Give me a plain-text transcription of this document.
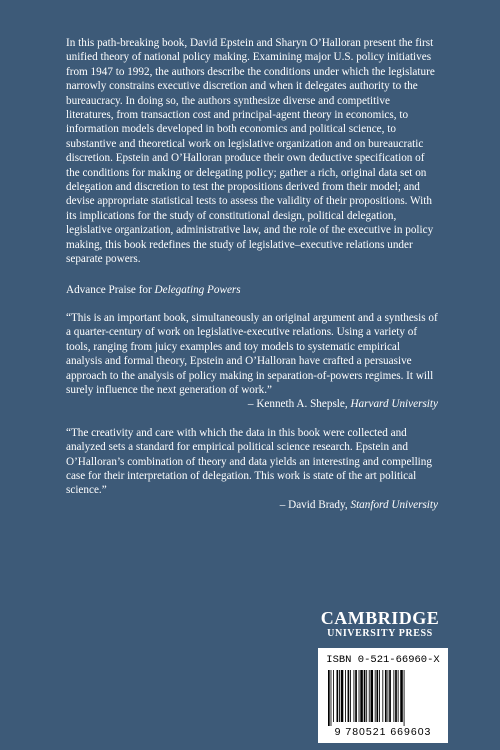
In this path-breaking book, David Epstein and Sharyn O’Halloran present the first unified theory of national policy making. Examining major U.S. policy initiatives from 1947 to 1992, the authors describe the conditions under which the legislature narrowly constrains executive discretion and when it delegates authority to the bureaucracy. In doing so, the authors synthesize diverse and competitive literatures, from transaction cost and principal-agent theory in economics, to information models developed in both economics and political science, to substantive and theoretical work on legislative organization and on bureaucratic discretion. Epstein and O’Halloran produce their own deductive specification of the conditions for making or delegating policy; gather a rich, original data set on delegation and discretion to test the propositions derived from their model; and devise appropriate statistical tests to assess the validity of their propositions. With its implications for the study of constitutional design, political delegation, legislative organization, administrative law, and the role of the executive in policy making, this book redefines the study of legislative–executive relations under separate powers.

Advance Praise for Delegating Powers

“This is an important book, simultaneously an original argument and a synthesis of a quarter-century of work on legislative-executive relations. Using a variety of tools, ranging from juicy examples and toy models to systematic empirical analysis and formal theory, Epstein and O’Halloran have crafted a persuasive approach to the analysis of policy making in separation-of-powers regimes. It will surely influence the next generation of work.”

– Kenneth A. Shepsle, Harvard University

“The creativity and care with which the data in this book were collected and analyzed sets a standard for empirical political science research. Epstein and O’Halloran’s combination of theory and data yields an interesting and compelling case for their interpretation of delegation. This work is state of the art political science.”

– David Brady, Stanford University

CAMBRIDGE
UNIVERSITY PRESS
ISBN 0-521-66960-X
9 780521 669603
